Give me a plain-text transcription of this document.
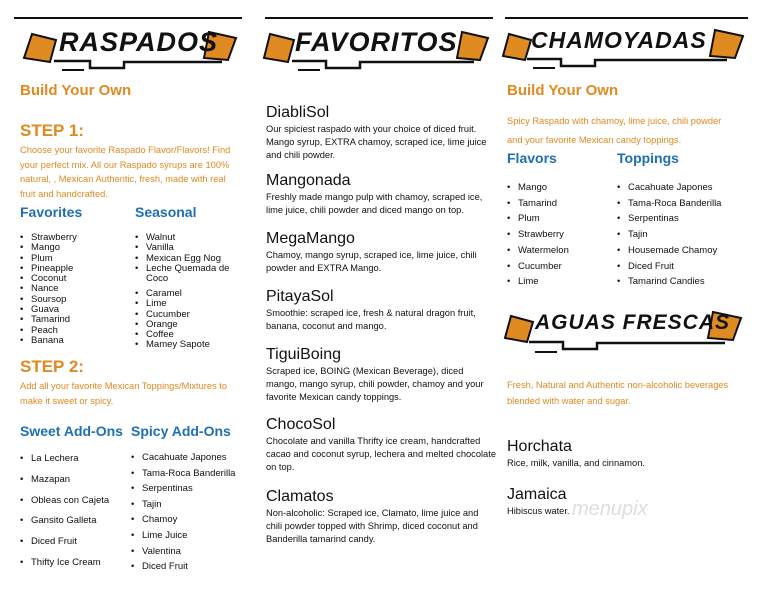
RASPADOS
Build Your Own
STEP 1:
Choose your favorite Raspado Flavor/Flavors! Find your perfect mix. All our Raspado syrups are 100% natural, , Mexican Authentic, fresh, made with real fruit and handcrafted.
Favorites
• Strawberry
• Mango
• Plum
• Pineapple
• Coconut
• Nance
• Soursop
• Guava
• Tamarind
• Peach
• Banana
Seasonal
• Walnut
• Vanilla
• Mexican Egg Nog
• Leche Quemada de Coco
• Caramel
• Lime
• Cucumber
• Orange
• Coffee
• Mamey Sapote
STEP 2:
Add all your favorite Mexican Toppings/Mixtures to make it sweet or spicy.
Sweet Add-Ons
• La Lechera
• Mazapan
• Obleas con Cajeta
• Gansito Galleta
• Diced Fruit
• Thifty Ice Cream
Spicy Add-Ons
• Cacahuate Japones
• Tama-Roca Banderilla
• Serpentinas
• Tajin
• Chamoy
• Lime Juice
• Valentina
• Diced Fruit
FAVORITOS
DiabliSol
Our spiciest raspado with your choice of diced fruit. Mango syrup, EXTRA chamoy, scraped ice, lime juice and chili powder.
Mangonada
Freshly made mango pulp with chamoy, scraped ice, lime juice, chili powder and diced mango on top.
MegaMango
Chamoy, mango syrup, scraped ice, lime juice, chili powder and EXTRA Mango.
PitayaSol
Smoothie: scraped ice, fresh & natural dragon fruit, banana, coconut and mango.
TiguiBoing
Scraped ice, BOING (Mexican Beverage), diced mango, mango syrup, chili powder, chamoy and your favorite Mexican candy toppings.
ChocoSol
Chocolate and vanilla Thrifty ice cream, handcrafted cacao and coconut syrup, lechera and melted chocolate on top.
Clamatos
Non-alcoholic: Scraped ice, Clamato, lime juice and chili powder topped with Shrimp, diced coconut and Banderilla tamarind candy.
CHAMOYADAS
Build Your Own
Spicy Raspado with chamoy, lime juice, chili powder and your favorite Mexican candy toppings.
Flavors
• Mango
• Tamarind
• Plum
• Strawberry
• Watermelon
• Cucumber
• Lime
Toppings
• Cacahuate Japones
• Tama-Roca Banderilla
• Serpentinas
• Tajin
• Housemade Chamoy
• Diced Fruit
• Tamarind Candies
AGUAS FRESCAS
Fresh, Natural and Authentic non-alcoholic beverages blended with water and sugar.
Horchata
Rice, milk, vanilla, and cinnamon.
Jamaica
Hibiscus water. menupix
